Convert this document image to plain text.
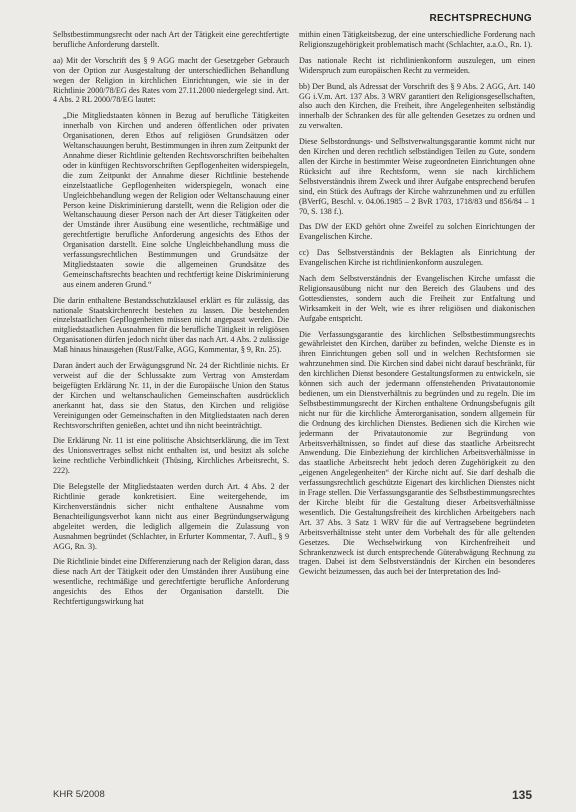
RECHTSPRECHUNG

Selbstbestimmungsrecht oder nach Art der Tätigkeit eine gerechtfertigte berufliche Anforderung darstellt.

aa) Mit der Vorschrift des § 9 AGG macht der Gesetzgeber Gebrauch von der Option zur Ausgestaltung der unterschiedlichen Behandlung wegen der Religion in kirchlichen Einrichtungen, wie sie in der Richtlinie 2000/78/EG des Rates vom 27.11.2000 niedergelegt sind. Art. 4 Abs. 2 RL 2000/78/EG lautet:

„Die Mitgliedstaaten können in Bezug auf berufliche Tätigkeiten innerhalb von Kirchen und anderen öffentlichen oder privaten Organisationen, deren Ethos auf religiösen Grundsätzen oder Weltanschauungen beruht, Bestimmungen in ihren zum Zeitpunkt der Annahme dieser Richtlinie geltenden Rechtsvorschriften beibehalten oder in künftigen Rechtsvorschriften Gepflogenheiten widerspiegeln, die zum Zeitpunkt der Annahme dieser Richtlinie bestehende einzelstaatliche Gepflogenheiten widerspiegeln, wonach eine Ungleichbehandlung wegen der Religion oder Weltanschauung einer Person keine Diskriminierung darstellt, wenn die Religion oder die Weltanschauung dieser Person nach der Art dieser Tätigkeiten oder der Umstände ihrer Ausübung eine wesentliche, rechtmäßige und gerechtfertigte berufliche Anforderung angesichts des Ethos der Organisation darstellt. Eine solche Ungleichbehandlung muss die verfassungsrechtlichen Bestimmungen und Grundsätze der Mitgliedstaaten sowie die allgemeinen Grundsätze des Gemeinschaftsrechts beachten und rechtfertigt keine Diskriminierung aus einem anderen Grund.“

Die darin enthaltene Bestandsschutzklausel erklärt es für zulässig, das nationale Staatskirchenrecht bestehen zu lassen. Die bestehenden einzelstaatlichen Gepflogenheiten müssen nicht angepasst werden. Die mitgliedstaatlichen Ausnahmen für die berufliche Tätigkeit in religiösen Organisationen dürfen jedoch nicht über das nach Art. 4 Abs. 2 zulässige Maß hinaus hinausgehen (Rust/Falke, AGG, Kommentar, § 9, Rn. 25).

Daran ändert auch der Erwägungsgrund Nr. 24 der Richtlinie nichts. Er verweist auf die der Schlussakte zum Vertrag von Amsterdam beigefügten Erklärung Nr. 11, in der die Europäische Union den Status der Kirchen und weltanschaulichen Gemeinschaften ausdrücklich anerkannt hat, dass sie den Status, den Kirchen und religiöse Vereinigungen oder Gemeinschaften in den Mitgliedstaaten nach deren Rechtsvorschriften genießen, achtet und ihn nicht beeinträchtigt.

Die Erklärung Nr. 11 ist eine politische Absichtserklärung, die im Text des Unionsvertrages selbst nicht enthalten ist, und besitzt als solche keine rechtliche Verbindlichkeit (Thüsing, Kirchliches Arbeitsrecht, S. 222).

Die Belegstelle der Mitgliedstaaten werden durch Art. 4 Abs. 2 der Richtlinie gerade konkretisiert. Eine weitergehende, im Kirchenverständnis sicher nicht enthaltene Ausnahme vom Benachteiligungsverbot kann nicht aus einer Begründungserwägung abgeleitet werden, die lediglich allgemein die Zulassung von Ausnahmen begründet (Schlachter, in Erfurter Kommentar, 7. Aufl., § 9 AGG, Rn. 3).

Die Richtlinie bindet eine Differenzierung nach der Religion daran, dass diese nach Art der Tätigkeit oder den Umständen ihrer Ausübung eine wesentliche, rechtmäßige und gerechtfertigte berufliche Anforderung angesichts des Ethos der Organisation darstellt. Die Rechtfertigungswirkung hat

mithin einen Tätigkeitsbezug, der eine unterschiedliche Forderung nach Religionszugehörigkeit problematisch macht (Schlachter, a.a.O., Rn. 1).

Das nationale Recht ist richtlinienkonform auszulegen, um einen Widerspruch zum europäischen Recht zu vermeiden.

bb) Der Bund, als Adressat der Vorschrift des § 9 Abs. 2 AGG, Art. 140 GG i.V.m. Art. 137 Abs. 3 WRV garantiert den Religionsgesellschaften, also auch den Kirchen, die Freiheit, ihre Angelegenheiten selbständig innerhalb der Schranken des für alle geltenden Gesetzes zu ordnen und zu verwalten.

Diese Selbstordnungs- und Selbstverwaltungsgarantie kommt nicht nur den Kirchen und deren rechtlich selbständigen Teilen zu Gute, sondern allen der Kirche in bestimmter Weise zugeordneten Einrichtungen ohne Rücksicht auf ihre Rechtsform, wenn sie nach kirchlichem Selbstverständnis ihrem Zweck und ihrer Aufgabe entsprechend berufen sind, ein Stück des Auftrags der Kirche wahrzunehmen und zu erfüllen (BVerfG, Beschl. v. 04.06.1985 – 2 BvR 1703, 1718/83 und 856/84 – 1 70, S. 138 f.).

Das DW der EKD gehört ohne Zweifel zu solchen Einrichtungen der Evangelischen Kirche.

cc) Das Selbstverständnis der Beklagten als Einrichtung der Evangelischen Kirche ist richtlinienkonform auszulegen.

Nach dem Selbstverständnis der Evangelischen Kirche umfasst die Religionsausübung nicht nur den Bereich des Glaubens und des Gottesdienstes, sondern auch die Freiheit zur Entfaltung und Wirksamkeit in der Welt, wie es ihrer religiösen und diakonischen Aufgabe entspricht.

Die Verfassungsgarantie des kirchlichen Selbstbestimmungsrechts gewährleistet den Kirchen, darüber zu befinden, welche Dienste es in ihren Einrichtungen geben soll und in welchen Rechtsformen sie wahrzunehmen sind. Die Kirchen sind dabei nicht darauf beschränkt, für den kirchlichen Dienst besondere Gestaltungsformen zu entwickeln, sie können sich auch der jedermann offenstehenden Privatautonomie bedienen, um ein Dienstverhältnis zu begründen und zu regeln. Die im Selbstbestimmungsrecht der Kirchen enthaltene Ordnungsbefugnis gilt nicht nur für die kirchliche Ämterorganisation, sondern allgemein für die Ordnung des kirchlichen Dienstes. Bedienen sich die Kirchen wie jedermann der Privatautonomie zur Begründung von Arbeitsverhältnissen, so findet auf diese das staatliche Arbeitsrecht Anwendung. Die Einbeziehung der kirchlichen Arbeitsverhältnisse in das staatliche Arbeitsrecht hebt jedoch deren Zugehörigkeit zu den „eigenen Angelegenheiten“ der Kirche nicht auf. Sie darf deshalb die verfassungsrechtlich geschützte Eigenart des kirchlichen Dienstes nicht in Frage stellen. Die Verfassungsgarantie des Selbstbestimmungsrechtes der Kirche bleibt für die Gestaltung dieser Arbeitsverhältnisse wesentlich. Die Gestaltungsfreiheit des kirchlichen Arbeitgebers nach Art. 37 Abs. 3 Satz 1 WRV für die auf Vertragsebene begründeten Arbeitsverhältnisse steht unter dem Vorbehalt des für alle geltenden Gesetzes. Die Wechselwirkung von Kirchenfreiheit und Schrankenzweck ist durch entsprechende Güterabwägung Rechnung zu tragen. Dabei ist dem Selbstverständnis der Kirchen ein besonderes Gewicht beizumessen, das auch bei der Interpretation des Ind-

KHR 5/2008	135
